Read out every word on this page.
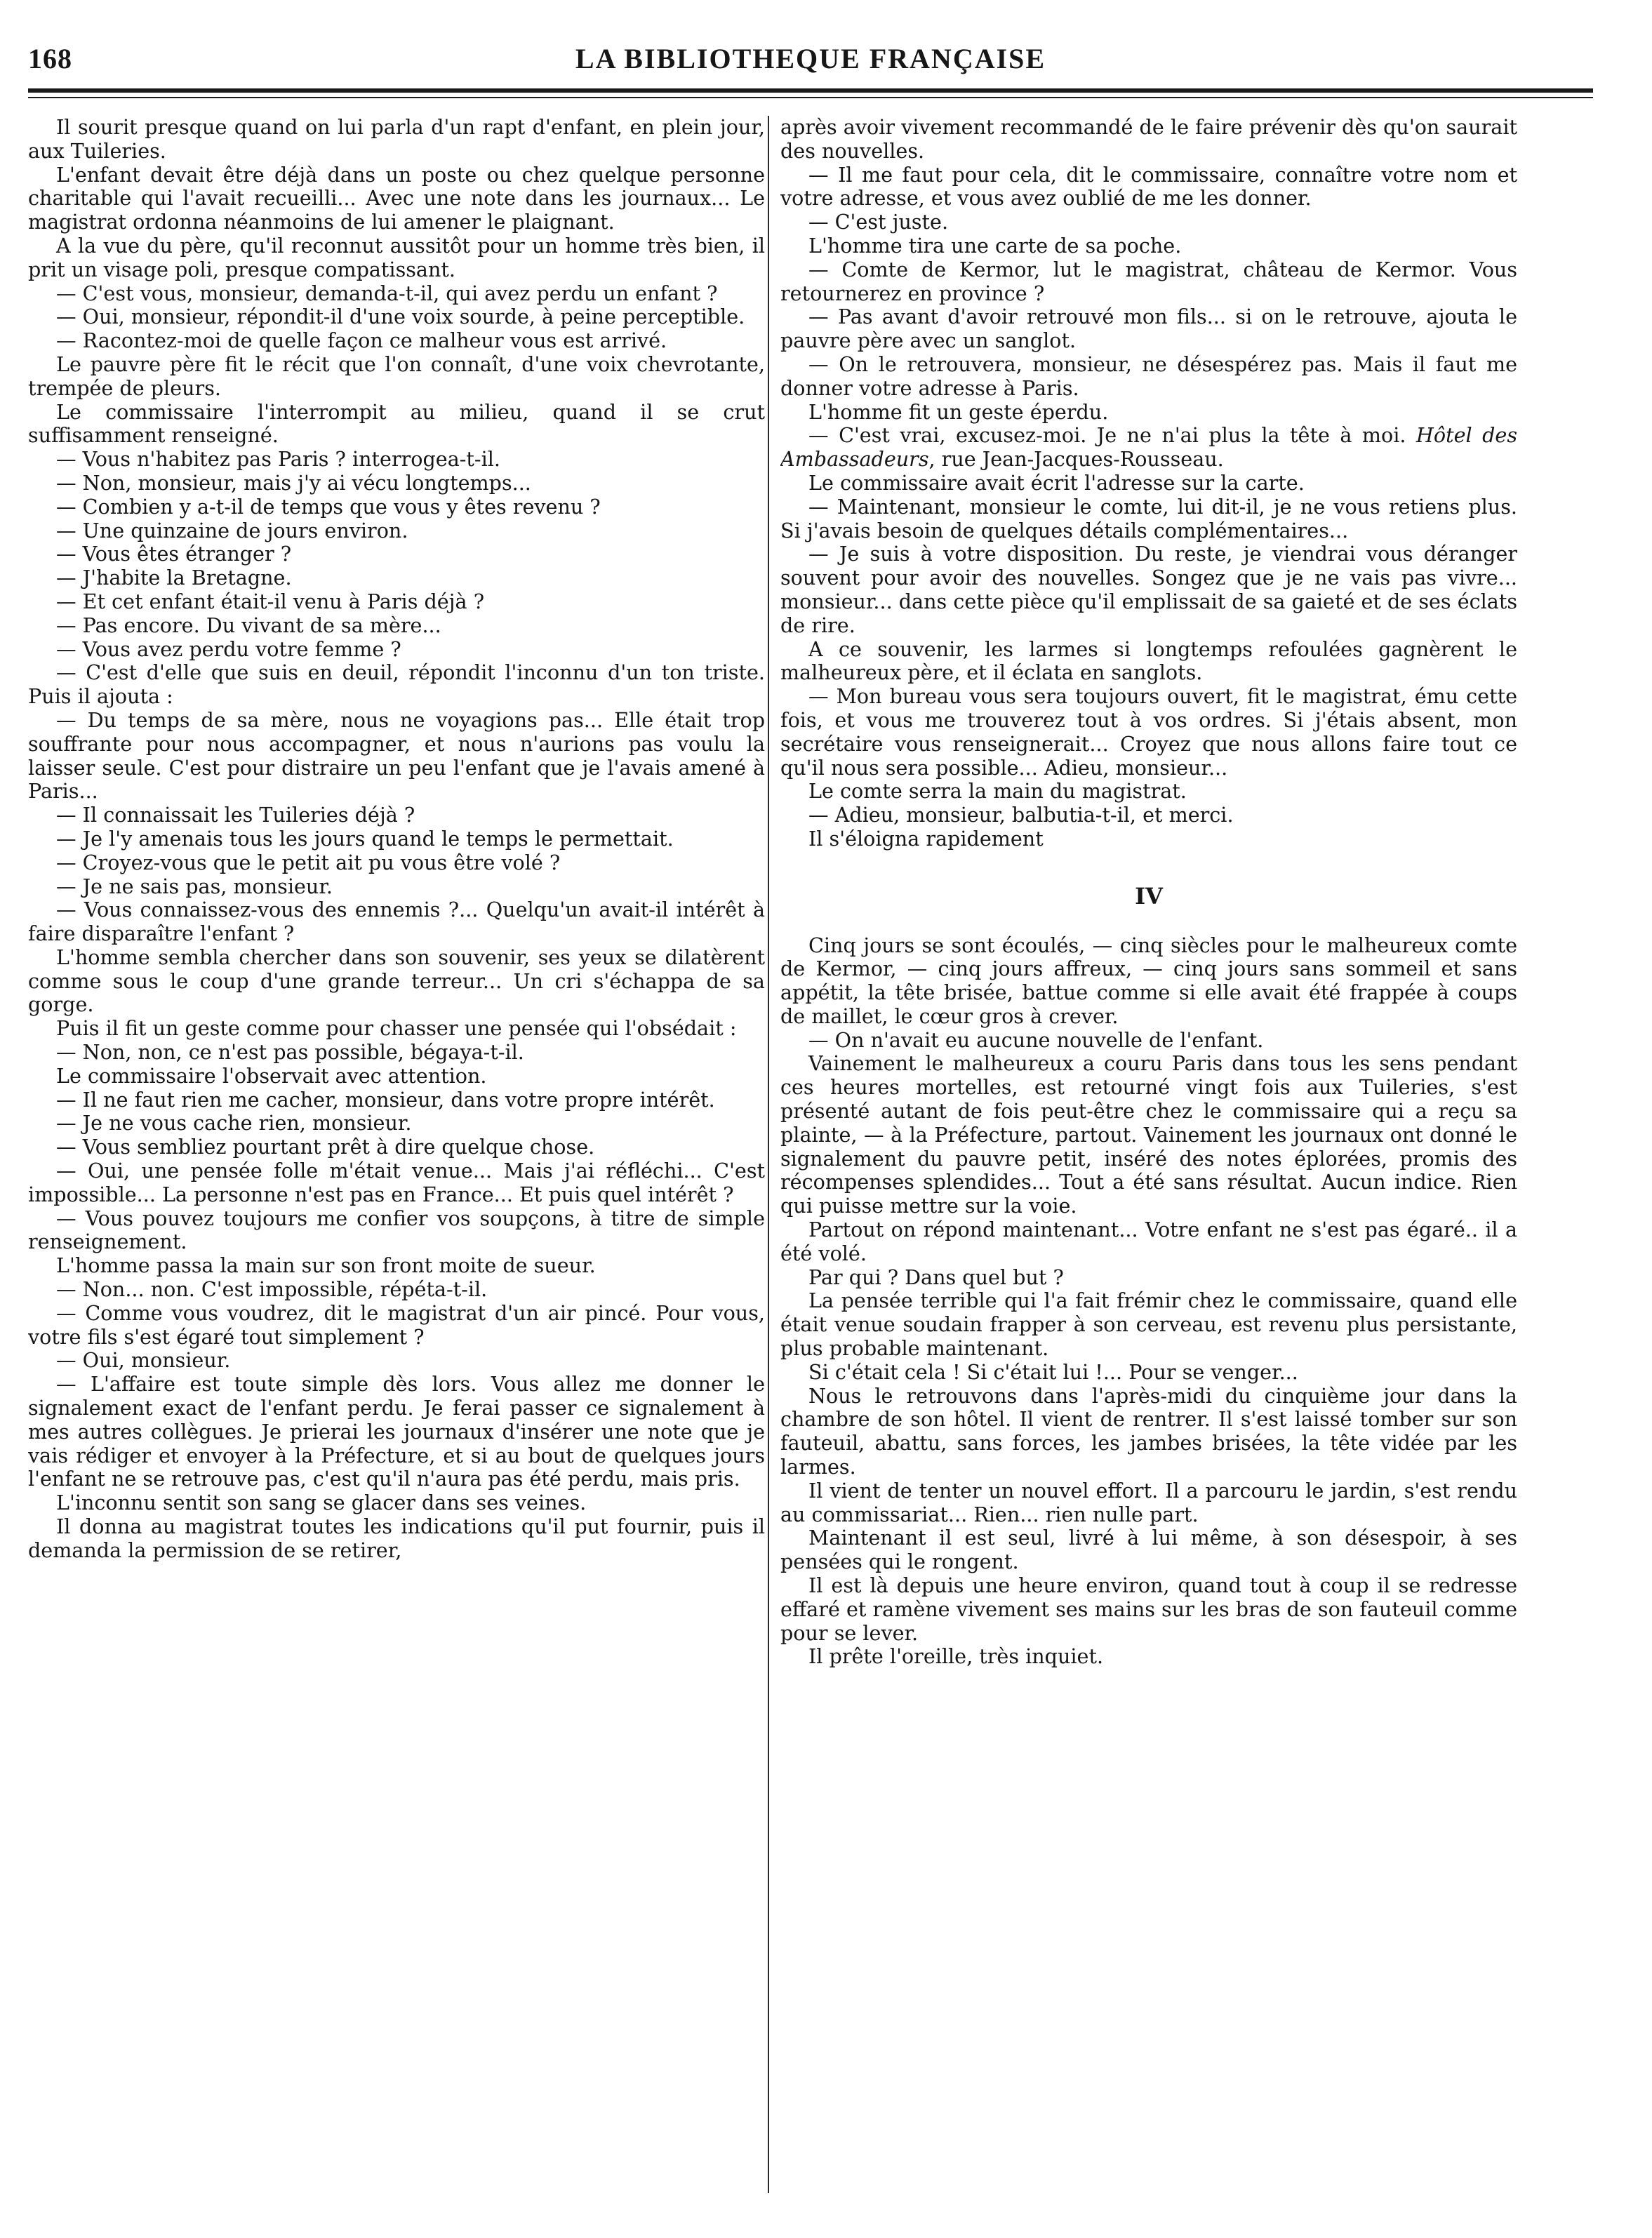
168	LA BIBLIOTHEQUE FRANÇAISE

Il sourit presque quand on lui parla d'un rapt d'enfant, en plein jour, aux Tuileries.

L'enfant devait être déjà dans un poste ou chez quelque personne charitable qui l'avait recueilli... Avec une note dans les journaux... Le magistrat ordonna néanmoins de lui amener le plaignant.

A la vue du père, qu'il reconnut aussitôt pour un homme très bien, il prit un visage poli, presque compatissant.

— C'est vous, monsieur, demanda-t-il, qui avez perdu un enfant ?

— Oui, monsieur, répondit-il d'une voix sourde, à peine perceptible.

— Racontez-moi de quelle façon ce malheur vous est arrivé.

Le pauvre père fit le récit que l'on connaît, d'une voix chevrotante, trempée de pleurs.

Le commissaire l'interrompit au milieu, quand il se crut suffisamment renseigné.

— Vous n'habitez pas Paris ? interrogea-t-il.

— Non, monsieur, mais j'y ai vécu longtemps...

— Combien y a-t-il de temps que vous y êtes revenu ?

— Une quinzaine de jours environ.

— Vous êtes étranger ?

— J'habite la Bretagne.

— Et cet enfant était-il venu à Paris déjà ?

— Pas encore. Du vivant de sa mère...

— Vous avez perdu votre femme ?

— C'est d'elle que suis en deuil, répondit l'inconnu d'un ton triste. Puis il ajouta :

— Du temps de sa mère, nous ne voyagions pas... Elle était trop souffrante pour nous accompagner, et nous n'aurions pas voulu la laisser seule. C'est pour distraire un peu l'enfant que je l'avais amené à Paris...

— Il connaissait les Tuileries déjà ?

— Je l'y amenais tous les jours quand le temps le permettait.

— Croyez-vous que le petit ait pu vous être volé ?

— Je ne sais pas, monsieur.

— Vous connaissez-vous des ennemis ?... Quelqu'un avait-il intérêt à faire disparaître l'enfant ?

L'homme sembla chercher dans son souvenir, ses yeux se dilatèrent comme sous le coup d'une grande terreur... Un cri s'échappa de sa gorge.

Puis il fit un geste comme pour chasser une pensée qui l'obsédait :

— Non, non, ce n'est pas possible, bégaya-t-il.

Le commissaire l'observait avec attention.

— Il ne faut rien me cacher, monsieur, dans votre propre intérêt.

— Je ne vous cache rien, monsieur.

— Vous sembliez pourtant prêt à dire quelque chose.

— Oui, une pensée folle m'était venue... Mais j'ai réfléchi... C'est impossible... La personne n'est pas en France... Et puis quel intérêt ?

— Vous pouvez toujours me confier vos soupçons, à titre de simple renseignement.

L'homme passa la main sur son front moite de sueur.

— Non... non. C'est impossible, répéta-t-il.

— Comme vous voudrez, dit le magistrat d'un air pincé. Pour vous, votre fils s'est égaré tout simplement ?

— Oui, monsieur.

— L'affaire est toute simple dès lors. Vous allez me donner le signalement exact de l'enfant perdu. Je ferai passer ce signalement à mes autres collègues. Je prierai les journaux d'insérer une note que je vais rédiger et envoyer à la Préfecture, et si au bout de quelques jours l'enfant ne se retrouve pas, c'est qu'il n'aura pas été perdu, mais pris.

L'inconnu sentit son sang se glacer dans ses veines.

Il donna au magistrat toutes les indications qu'il put fournir, puis il demanda la permission de se retirer,

après avoir vivement recommandé de le faire prévenir dès qu'on saurait des nouvelles.

— Il me faut pour cela, dit le commissaire, connaître votre nom et votre adresse, et vous avez oublié de me les donner.

— C'est juste.

L'homme tira une carte de sa poche.

— Comte de Kermor, lut le magistrat, château de Kermor. Vous retournerez en province ?

— Pas avant d'avoir retrouvé mon fils... si on le retrouve, ajouta le pauvre père avec un sanglot.

— On le retrouvera, monsieur, ne désespérez pas. Mais il faut me donner votre adresse à Paris.

L'homme fit un geste éperdu.

— C'est vrai, excusez-moi. Je ne n'ai plus la tête à moi. Hôtel des Ambassadeurs, rue Jean-Jacques-Rousseau.

Le commissaire avait écrit l'adresse sur la carte.

— Maintenant, monsieur le comte, lui dit-il, je ne vous retiens plus. Si j'avais besoin de quelques détails complémentaires...

— Je suis à votre disposition. Du reste, je viendrai vous déranger souvent pour avoir des nouvelles. Songez que je ne vais pas vivre... monsieur... dans cette pièce qu'il emplissait de sa gaieté et de ses éclats de rire.

A ce souvenir, les larmes si longtemps refoulées gagnèrent le malheureux père, et il éclata en sanglots.

— Mon bureau vous sera toujours ouvert, fit le magistrat, ému cette fois, et vous me trouverez tout à vos ordres. Si j'étais absent, mon secrétaire vous renseignerait... Croyez que nous allons faire tout ce qu'il nous sera possible... Adieu, monsieur...

Le comte serra la main du magistrat.

— Adieu, monsieur, balbutia-t-il, et merci.

Il s'éloigna rapidement

IV

Cinq jours se sont écoulés, — cinq siècles pour le malheureux comte de Kermor, — cinq jours affreux, — cinq jours sans sommeil et sans appétit, la tête brisée, battue comme si elle avait été frappée à coups de maillet, le cœur gros à crever.

— On n'avait eu aucune nouvelle de l'enfant.

Vainement le malheureux a couru Paris dans tous les sens pendant ces heures mortelles, est retourné vingt fois aux Tuileries, s'est présenté autant de fois peut-être chez le commissaire qui a reçu sa plainte, — à la Préfecture, partout. Vainement les journaux ont donné le signalement du pauvre petit, inséré des notes éplorées, promis des récompenses splendides... Tout a été sans résultat. Aucun indice. Rien qui puisse mettre sur la voie.

Partout on répond maintenant... Votre enfant ne s'est pas égaré.. il a été volé.

Par qui ? Dans quel but ?

La pensée terrible qui l'a fait frémir chez le commissaire, quand elle était venue soudain frapper à son cerveau, est revenu plus persistante, plus probable maintenant.

Si c'était cela ! Si c'était lui !... Pour se venger...

Nous le retrouvons dans l'après-midi du cinquième jour dans la chambre de son hôtel. Il vient de rentrer. Il s'est laissé tomber sur son fauteuil, abattu, sans forces, les jambes brisées, la tête vidée par les larmes.

Il vient de tenter un nouvel effort. Il a parcouru le jardin, s'est rendu au commissariat... Rien... rien nulle part.

Maintenant il est seul, livré à lui même, à son désespoir, à ses pensées qui le rongent.

Il est là depuis une heure environ, quand tout à coup il se redresse effaré et ramène vivement ses mains sur les bras de son fauteuil comme pour se lever.

Il prête l'oreille, très inquiet.
